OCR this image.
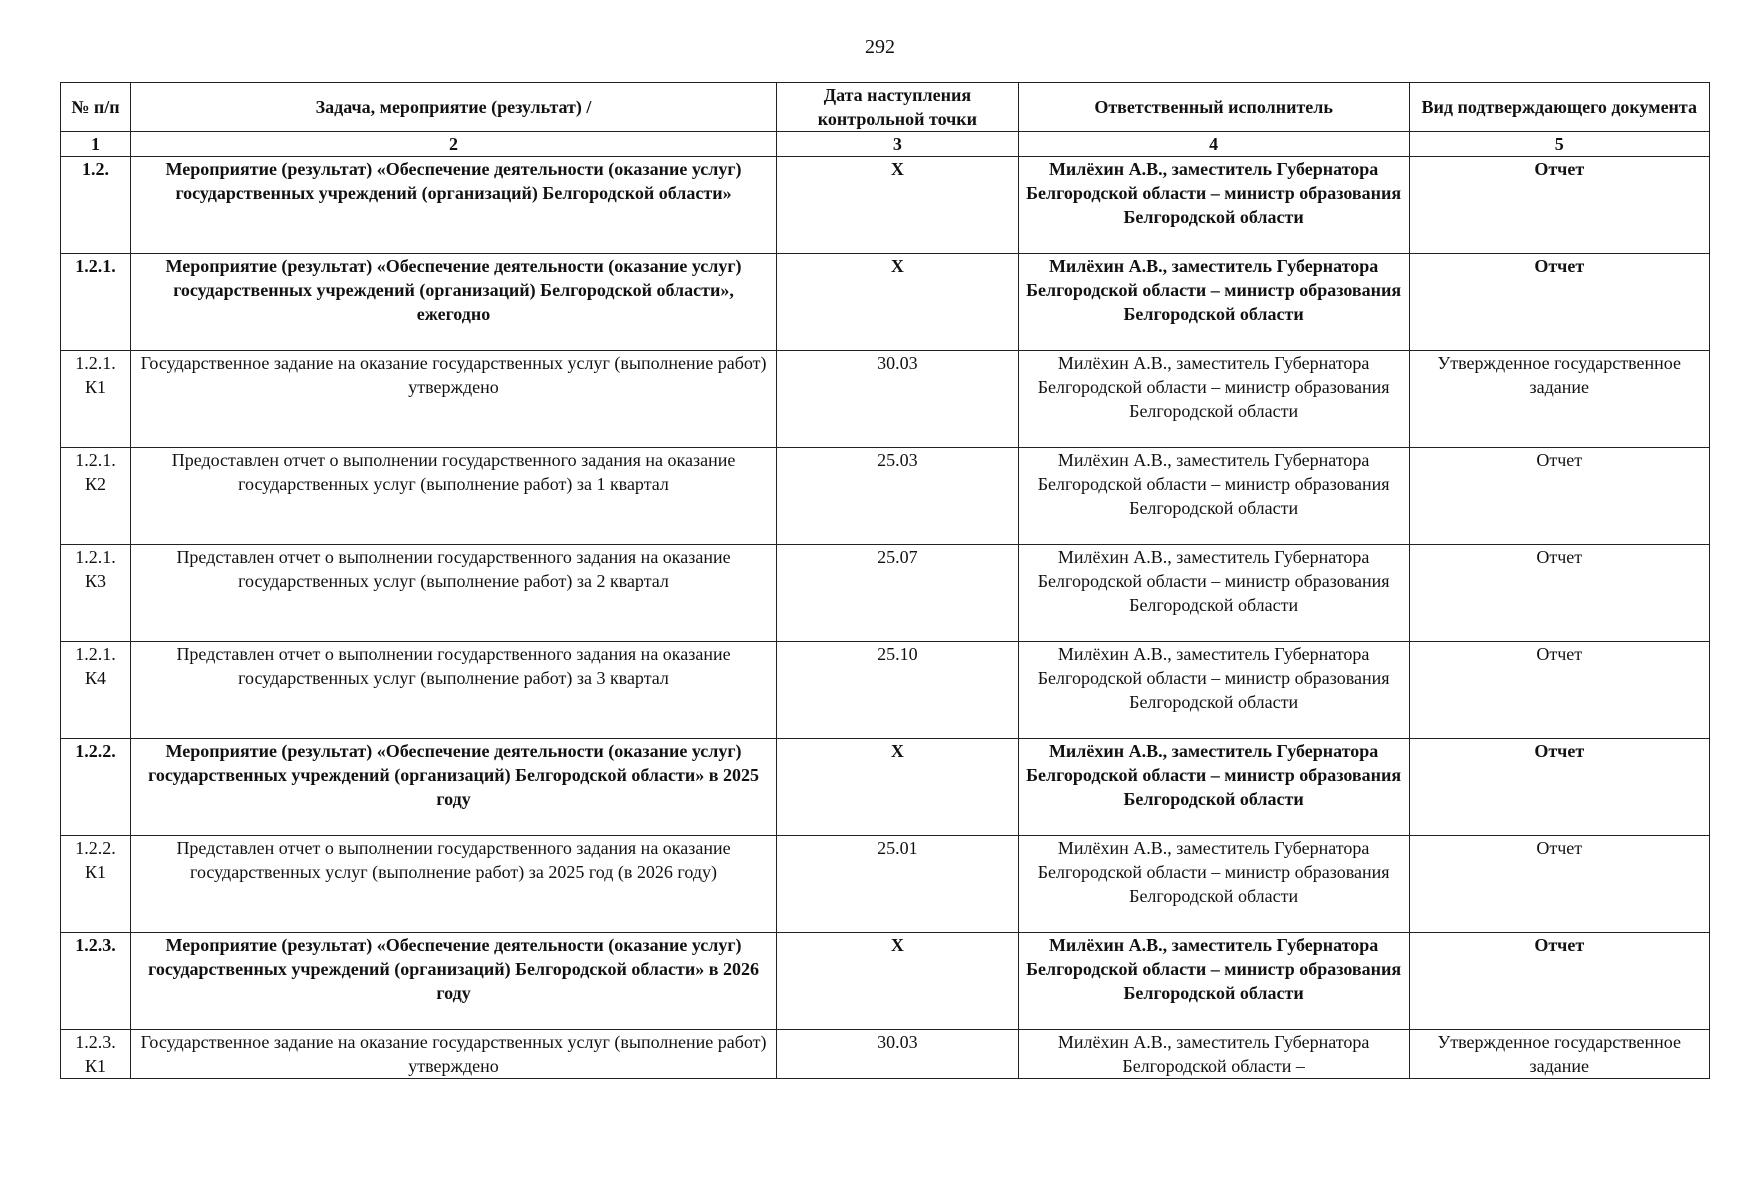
292
№ п/п	Задача, мероприятие (результат) /	Дата наступления контрольной точки	Ответственный исполнитель	Вид подтверждающего документа
1	2	3	4	5
1.2.	Мероприятие (результат) «Обеспечение деятельности (оказание услуг) государственных учреждений (организаций) Белгородской области»	X	Милёхин А.В., заместитель Губернатора Белгородской области – министр образования Белгородской области	Отчет
1.2.1.	Мероприятие (результат) «Обеспечение деятельности (оказание услуг) государственных учреждений (организаций) Белгородской области», ежегодно	X	Милёхин А.В., заместитель Губернатора Белгородской области – министр образования Белгородской области	Отчет
1.2.1. К1	Государственное задание на оказание государственных услуг (выполнение работ) утверждено	30.03	Милёхин А.В., заместитель Губернатора Белгородской области – министр образования Белгородской области	Утвержденное государственное задание
1.2.1. К2	Предоставлен отчет о выполнении государственного задания на оказание государственных услуг (выполнение работ) за 1 квартал	25.03	Милёхин А.В., заместитель Губернатора Белгородской области – министр образования Белгородской области	Отчет
1.2.1. К3	Представлен отчет о выполнении государственного задания на оказание государственных услуг (выполнение работ) за 2 квартал	25.07	Милёхин А.В., заместитель Губернатора Белгородской области – министр образования Белгородской области	Отчет
1.2.1. К4	Представлен отчет о выполнении государственного задания на оказание государственных услуг (выполнение работ) за 3 квартал	25.10	Милёхин А.В., заместитель Губернатора Белгородской области – министр образования Белгородской области	Отчет
1.2.2.	Мероприятие (результат) «Обеспечение деятельности (оказание услуг) государственных учреждений (организаций) Белгородской области» в 2025 году	X	Милёхин А.В., заместитель Губернатора Белгородской области – министр образования Белгородской области	Отчет
1.2.2. К1	Представлен отчет о выполнении государственного задания на оказание государственных услуг (выполнение работ) за 2025 год (в 2026 году)	25.01	Милёхин А.В., заместитель Губернатора Белгородской области – министр образования Белгородской области	Отчет
1.2.3.	Мероприятие (результат) «Обеспечение деятельности (оказание услуг) государственных учреждений (организаций) Белгородской области» в 2026 году	X	Милёхин А.В., заместитель Губернатора Белгородской области – министр образования Белгородской области	Отчет
1.2.3. К1	Государственное задание на оказание государственных услуг (выполнение работ) утверждено	30.03	Милёхин А.В., заместитель Губернатора Белгородской области –	Утвержденное государственное задание
